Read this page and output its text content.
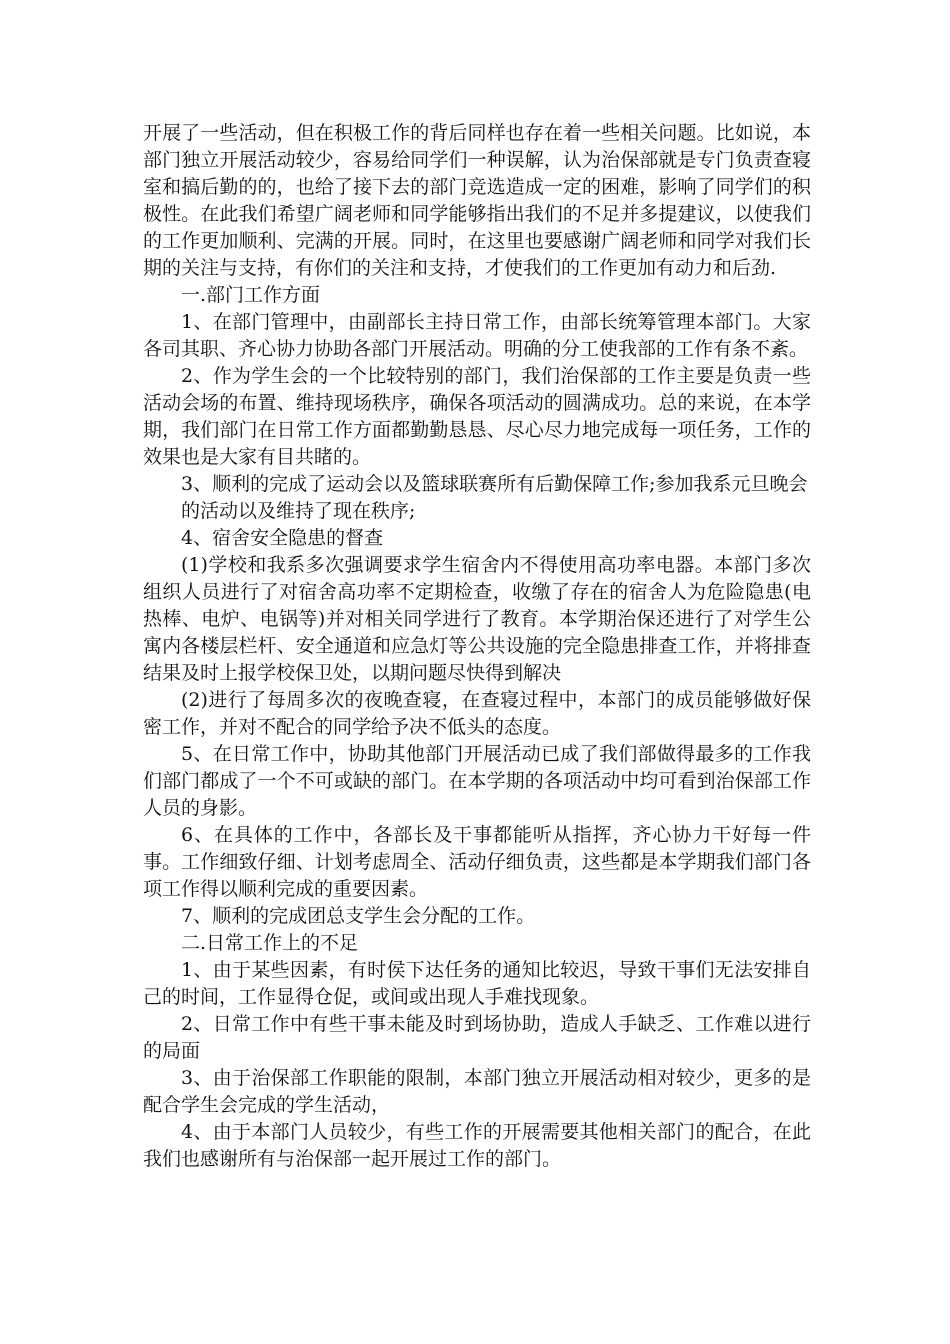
开展了一些活动，但在积极工作的背后同样也存在着一些相关问题。比如说，本部门独立开展活动较少，容易给同学们一种误解，认为治保部就是专门负责查寝室和搞后勤的的，也给了接下去的部门竞选造成一定的困难，影响了同学们的积极性。在此我们希望广阔老师和同学能够指出我们的不足并多提建议，以使我们的工作更加顺利、完满的开展。同时，在这里也要感谢广阔老师和同学对我们长期的关注与支持，有你们的关注和支持，才使我们的工作更加有动力和后劲.

一.部门工作方面

1、在部门管理中，由副部长主持日常工作，由部长统筹管理本部门。大家各司其职、齐心协力协助各部门开展活动。明确的分工使我部的工作有条不紊。

2、作为学生会的一个比较特别的部门，我们治保部的工作主要是负责一些活动会场的布置、维持现场秩序，确保各项活动的圆满成功。总的来说，在本学期，我们部门在日常工作方面都勤勤恳恳、尽心尽力地完成每一项任务，工作的效果也是大家有目共睹的。

3、顺利的完成了运动会以及篮球联赛所有后勤保障工作;参加我系元旦晚会

的活动以及维持了现在秩序;

4、宿舍安全隐患的督查

(1)学校和我系多次强调要求学生宿舍内不得使用高功率电器。本部门多次组织人员进行了对宿舍高功率不定期检查，收缴了存在的宿舍人为危险隐患(电热棒、电炉、电锅等)并对相关同学进行了教育。本学期治保还进行了对学生公寓内各楼层栏杆、安全通道和应急灯等公共设施的完全隐患排查工作，并将排查结果及时上报学校保卫处，以期问题尽快得到解决

(2)进行了每周多次的夜晚查寝，在查寝过程中，本部门的成员能够做好保密工作，并对不配合的同学给予决不低头的态度。

5、在日常工作中，协助其他部门开展活动已成了我们部做得最多的工作我们部门都成了一个不可或缺的部门。在本学期的各项活动中均可看到治保部工作人员的身影。

6、在具体的工作中，各部长及干事都能听从指挥，齐心协力干好每一件事。工作细致仔细、计划考虑周全、活动仔细负责，这些都是本学期我们部门各项工作得以顺利完成的重要因素。

7、顺利的完成团总支学生会分配的工作。

二.日常工作上的不足

1、由于某些因素，有时侯下达任务的通知比较迟，导致干事们无法安排自己的时间，工作显得仓促，或间或出现人手难找现象。

2、日常工作中有些干事未能及时到场协助，造成人手缺乏、工作难以进行的局面

3、由于治保部工作职能的限制，本部门独立开展活动相对较少，更多的是配合学生会完成的学生活动，

4、由于本部门人员较少，有些工作的开展需要其他相关部门的配合，在此我们也感谢所有与治保部一起开展过工作的部门。
